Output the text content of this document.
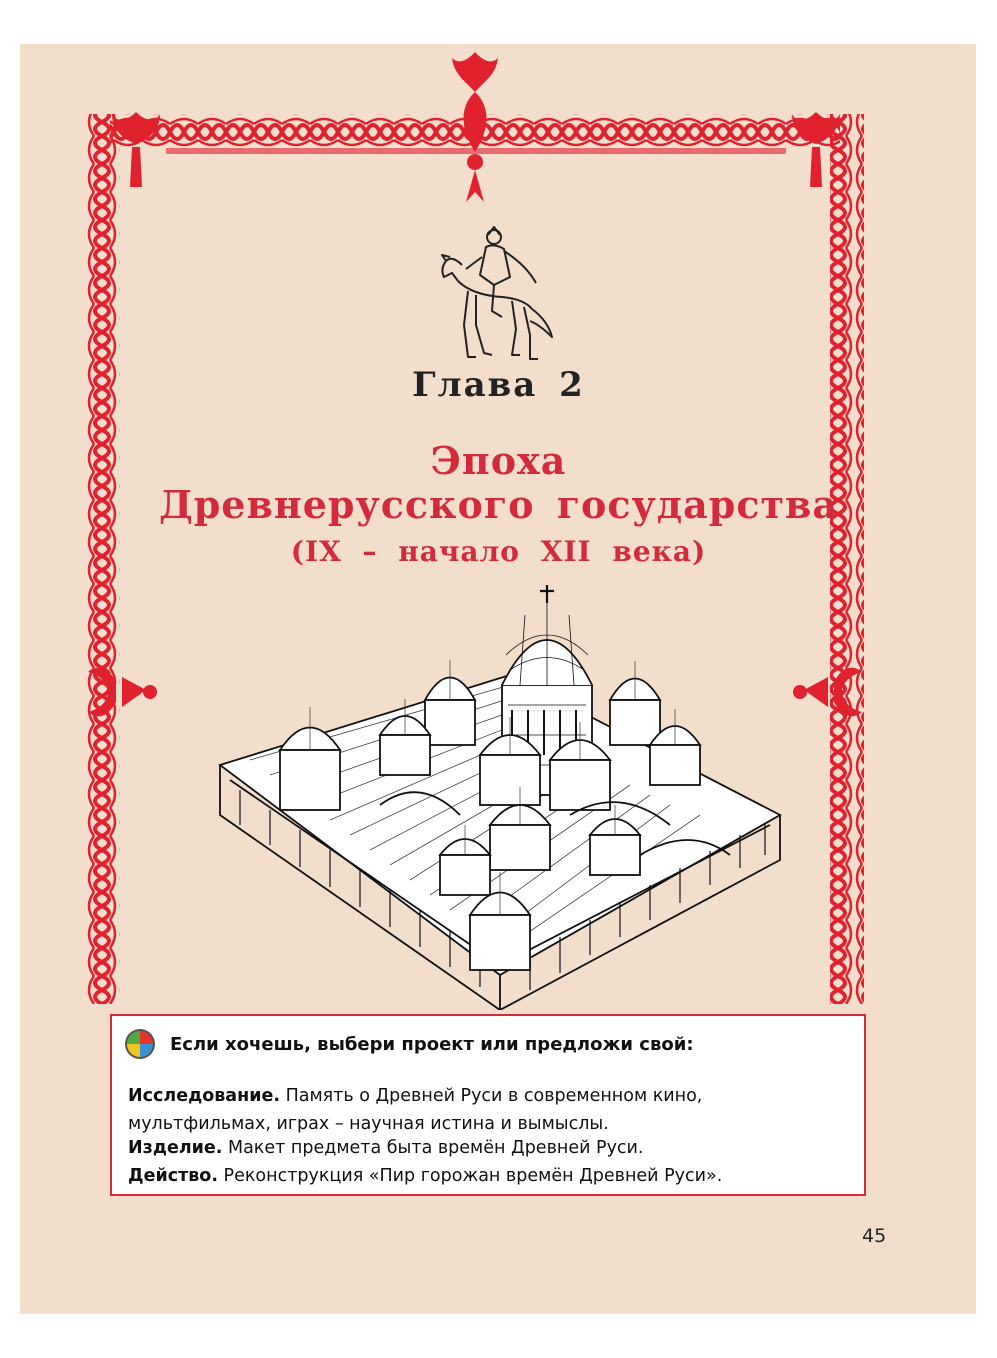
Глава 2
Эпоха
Древнерусского государства
(IX – начало XII века)
Если хочешь, выбери проект или предложи свой:
Исследование. Память о Древней Руси в современном кино, мультфильмах, играх – научная истина и вымыслы.
Изделие. Макет предмета быта времён Древней Руси.
Действо. Реконструкция «Пир горожан времён Древней Руси».
45
